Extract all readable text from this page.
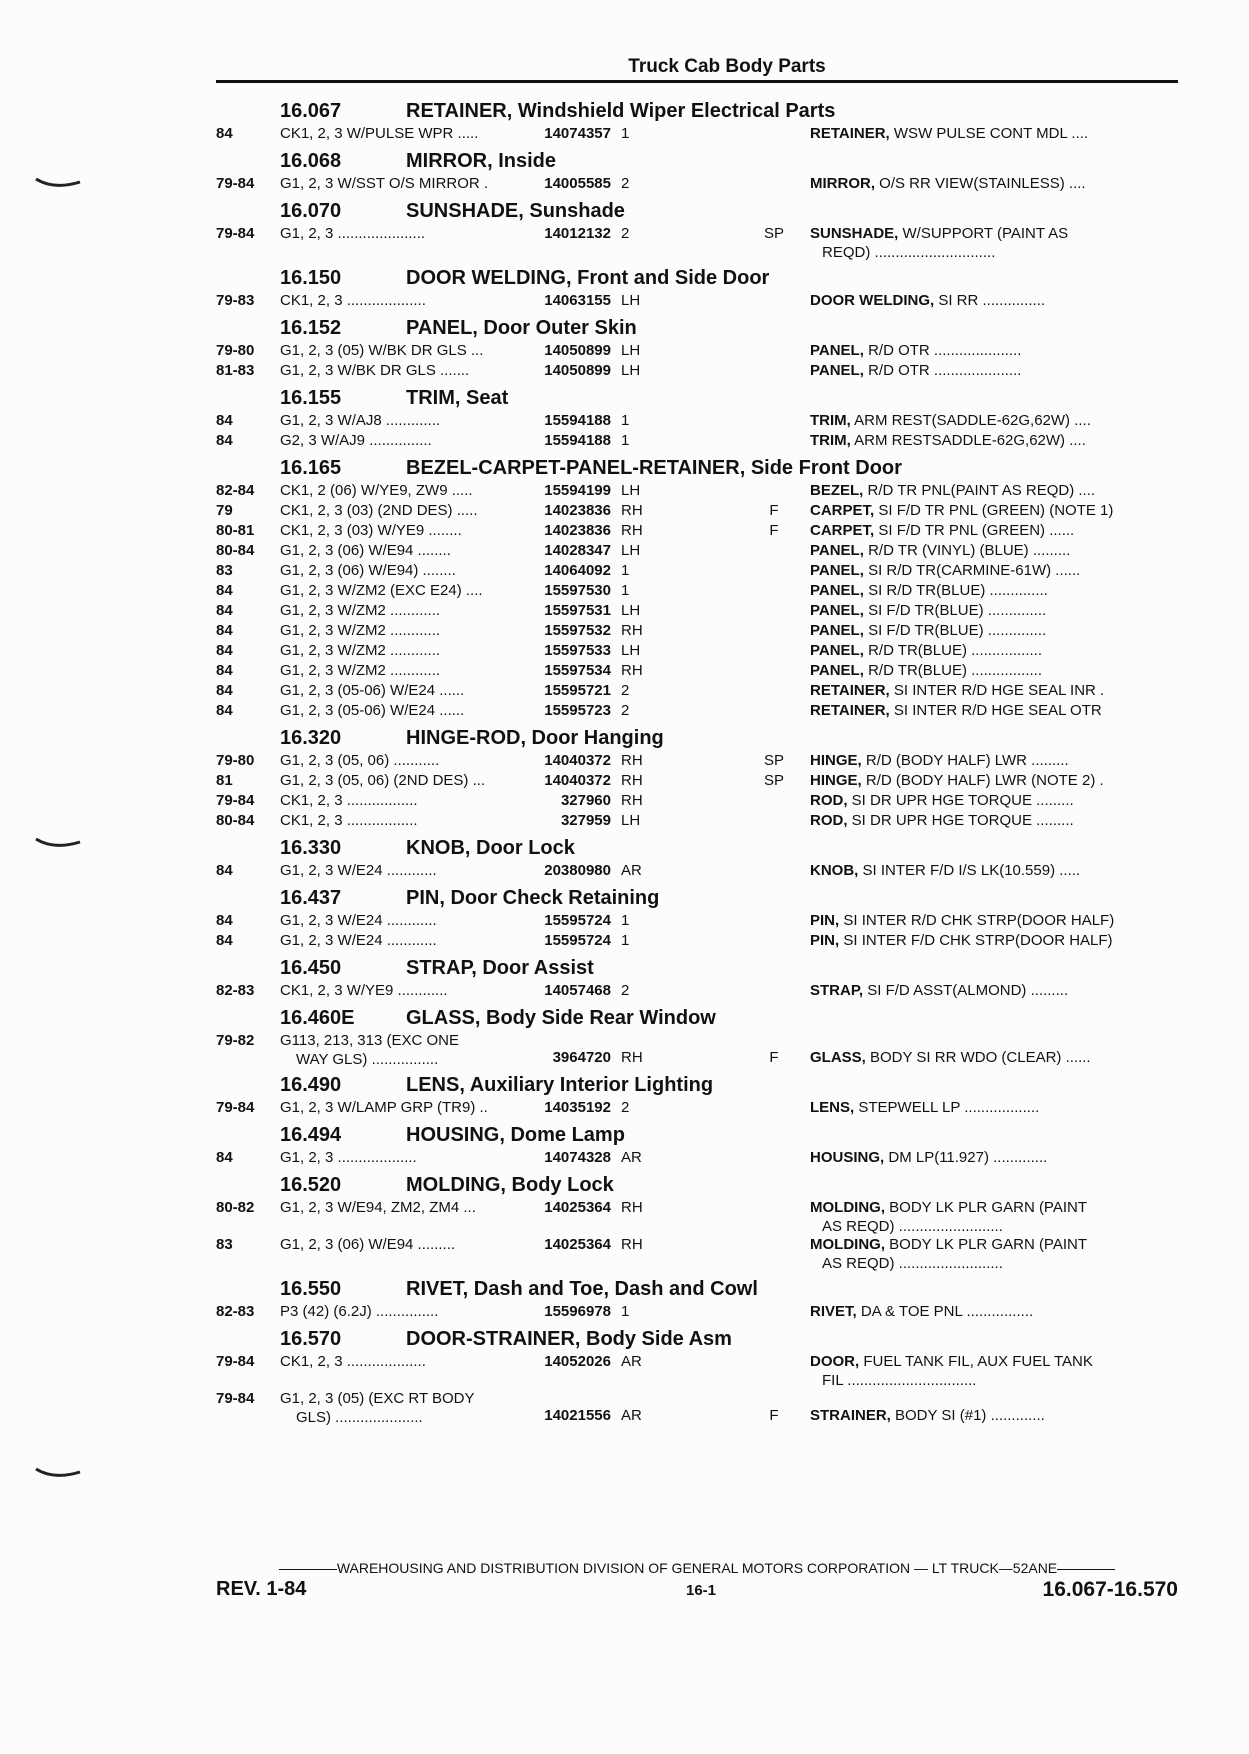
Truck Cab Body Parts
16.067	RETAINER, Windshield Wiper Electrical Parts
84	CK1, 2, 3 W/PULSE WPR .....	14074357 1	RETAINER, WSW PULSE CONT MDL ....
16.068	MIRROR, Inside
79-84	G1, 2, 3 W/SST O/S MIRROR .	14005585 2	MIRROR, O/S RR VIEW(STAINLESS) ....
16.070	SUNSHADE, Sunshade
79-84	G1, 2, 3 .....................	14012132 2	SP	SUNSHADE, W/SUPPORT (PAINT AS
REQD) .............................
16.150	DOOR WELDING, Front and Side Door
79-83	CK1, 2, 3 ...................	14063155 LH	DOOR WELDING, SI RR ...............
16.152	PANEL, Door Outer Skin
79-80	G1, 2, 3 (05) W/BK DR GLS ...	14050899 LH	PANEL, R/D OTR .....................
81-83	G1, 2, 3 W/BK DR GLS .......	14050899 LH	PANEL, R/D OTR .....................
16.155	TRIM, Seat
84	G1, 2, 3 W/AJ8 .............	15594188 1	TRIM, ARM REST(SADDLE-62G,62W) ....
84	G2, 3 W/AJ9 ...............	15594188 1	TRIM, ARM RESTSADDLE-62G,62W) ....
16.165	BEZEL-CARPET-PANEL-RETAINER, Side Front Door
82-84	CK1, 2 (06) W/YE9, ZW9 .....	15594199 LH	BEZEL, R/D TR PNL(PAINT AS REQD) ....
79	CK1, 2, 3 (03) (2ND DES) .....	14023836 RH	F	CARPET, SI F/D TR PNL (GREEN) (NOTE 1)
80-81	CK1, 2, 3 (03) W/YE9 ........	14023836 RH	F	CARPET, SI F/D TR PNL (GREEN) ......
80-84	G1, 2, 3 (06) W/E94 ........	14028347 LH	PANEL, R/D TR (VINYL) (BLUE) .........
83	G1, 2, 3 (06) W/E94) ........	14064092 1	PANEL, SI R/D TR(CARMINE-61W) ......
84	G1, 2, 3 W/ZM2 (EXC E24) ....	15597530 1	PANEL, SI R/D TR(BLUE) ..............
84	G1, 2, 3 W/ZM2 ............	15597531 LH	PANEL, SI F/D TR(BLUE) ..............
84	G1, 2, 3 W/ZM2 ............	15597532 RH	PANEL, SI F/D TR(BLUE) ..............
84	G1, 2, 3 W/ZM2 ............	15597533 LH	PANEL, R/D TR(BLUE) .................
84	G1, 2, 3 W/ZM2 ............	15597534 RH	PANEL, R/D TR(BLUE) .................
84	G1, 2, 3 (05-06) W/E24 ......	15595721 2	RETAINER, SI INTER R/D HGE SEAL INR .
84	G1, 2, 3 (05-06) W/E24 ......	15595723 2	RETAINER, SI INTER R/D HGE SEAL OTR
16.320	HINGE-ROD, Door Hanging
79-80	G1, 2, 3 (05, 06) ...........	14040372 RH	SP	HINGE, R/D (BODY HALF) LWR .........
81	G1, 2, 3 (05, 06) (2ND DES) ...	14040372 RH	SP	HINGE, R/D (BODY HALF) LWR (NOTE 2) .
79-84	CK1, 2, 3 .................	327960 RH	ROD, SI DR UPR HGE TORQUE .........
80-84	CK1, 2, 3 .................	327959 LH	ROD, SI DR UPR HGE TORQUE .........
16.330	KNOB, Door Lock
84	G1, 2, 3 W/E24 ............	20380980 AR	KNOB, SI INTER F/D I/S LK(10.559) .....
16.437	PIN, Door Check Retaining
84	G1, 2, 3 W/E24 ............	15595724 1	PIN, SI INTER R/D CHK STRP(DOOR HALF)
84	G1, 2, 3 W/E24 ............	15595724 1	PIN, SI INTER F/D CHK STRP(DOOR HALF)
16.450	STRAP, Door Assist
82-83	CK1, 2, 3 W/YE9 ............	14057468 2	STRAP, SI F/D ASST(ALMOND) .........
16.460E	GLASS, Body Side Rear Window
79-82	G113, 213, 313 (EXC ONE

WAY GLS) ................	3964720 RH	F	GLASS, BODY SI RR WDO (CLEAR) ......
16.490	LENS, Auxiliary Interior Lighting
79-84	G1, 2, 3 W/LAMP GRP (TR9) ..	14035192 2	LENS, STEPWELL LP ..................
16.494	HOUSING, Dome Lamp
84	G1, 2, 3 ...................	14074328 AR	HOUSING, DM LP(11.927) .............
16.520	MOLDING, Body Lock
80-82	G1, 2, 3 W/E94, ZM2, ZM4 ...	14025364 RH	MOLDING, BODY LK PLR GARN (PAINT
AS REQD) .........................
83	G1, 2, 3 (06) W/E94 .........	14025364 RH	MOLDING, BODY LK PLR GARN (PAINT
AS REQD) .........................
16.550	RIVET, Dash and Toe, Dash and Cowl
82-83	P3 (42) (6.2J) ...............	15596978 1	RIVET, DA & TOE PNL ................
16.570	DOOR-STRAINER, Body Side Asm
79-84	CK1, 2, 3 ...................	14052026 AR	DOOR, FUEL TANK FIL, AUX FUEL TANK
FIL ...............................
79-84	G1, 2, 3 (05) (EXC RT BODY

GLS) .....................	14021556 AR	F	STRAINER, BODY SI (#1) .............
WAREHOUSING AND DISTRIBUTION DIVISION OF GENERAL MOTORS CORPORATION — LT TRUCK—52ANE
REV. 1-84	16-1	16.067-16.570
